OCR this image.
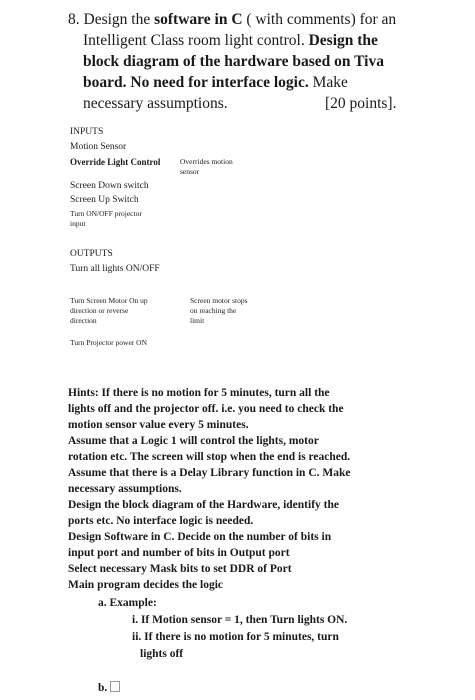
8. Design the software in C ( with comments) for an
Intelligent Class room light control. Design the
block diagram of the hardware based on Tiva
board. No need for interface logic. Make
necessary assumptions.	[20 points].
INPUTS
Motion Sensor
Override Light Control	Overrides motion
sensor
Screen Down switch
Screen Up Switch
Turn ON/OFF projector
input
OUTPUTS
Turn all lights ON/OFF
Turn Screen Motor On up
direction or reverse
direction
Screen motor stops
on reaching the
limit
Turn Projector power ON
Hints: If there is no motion for 5 minutes, turn all the
lights off and the projector off. i.e. you need to check the
motion sensor value every 5 minutes.
Assume that a Logic 1 will control the lights, motor
rotation etc. The screen will stop when the end is reached.
Assume that there is a Delay Library function in C. Make
necessary assumptions.
Design the block diagram of the Hardware, identify the
ports etc. No interface logic is needed.
Design Software in C. Decide on the number of bits in
input port and number of bits in Output port
Select necessary Mask bits to set DDR of Port
Main program decides the logic
a. Example:
i. If Motion sensor = 1, then Turn lights ON.
ii. If there is no motion for 5 minutes, turn
lights off
b.
